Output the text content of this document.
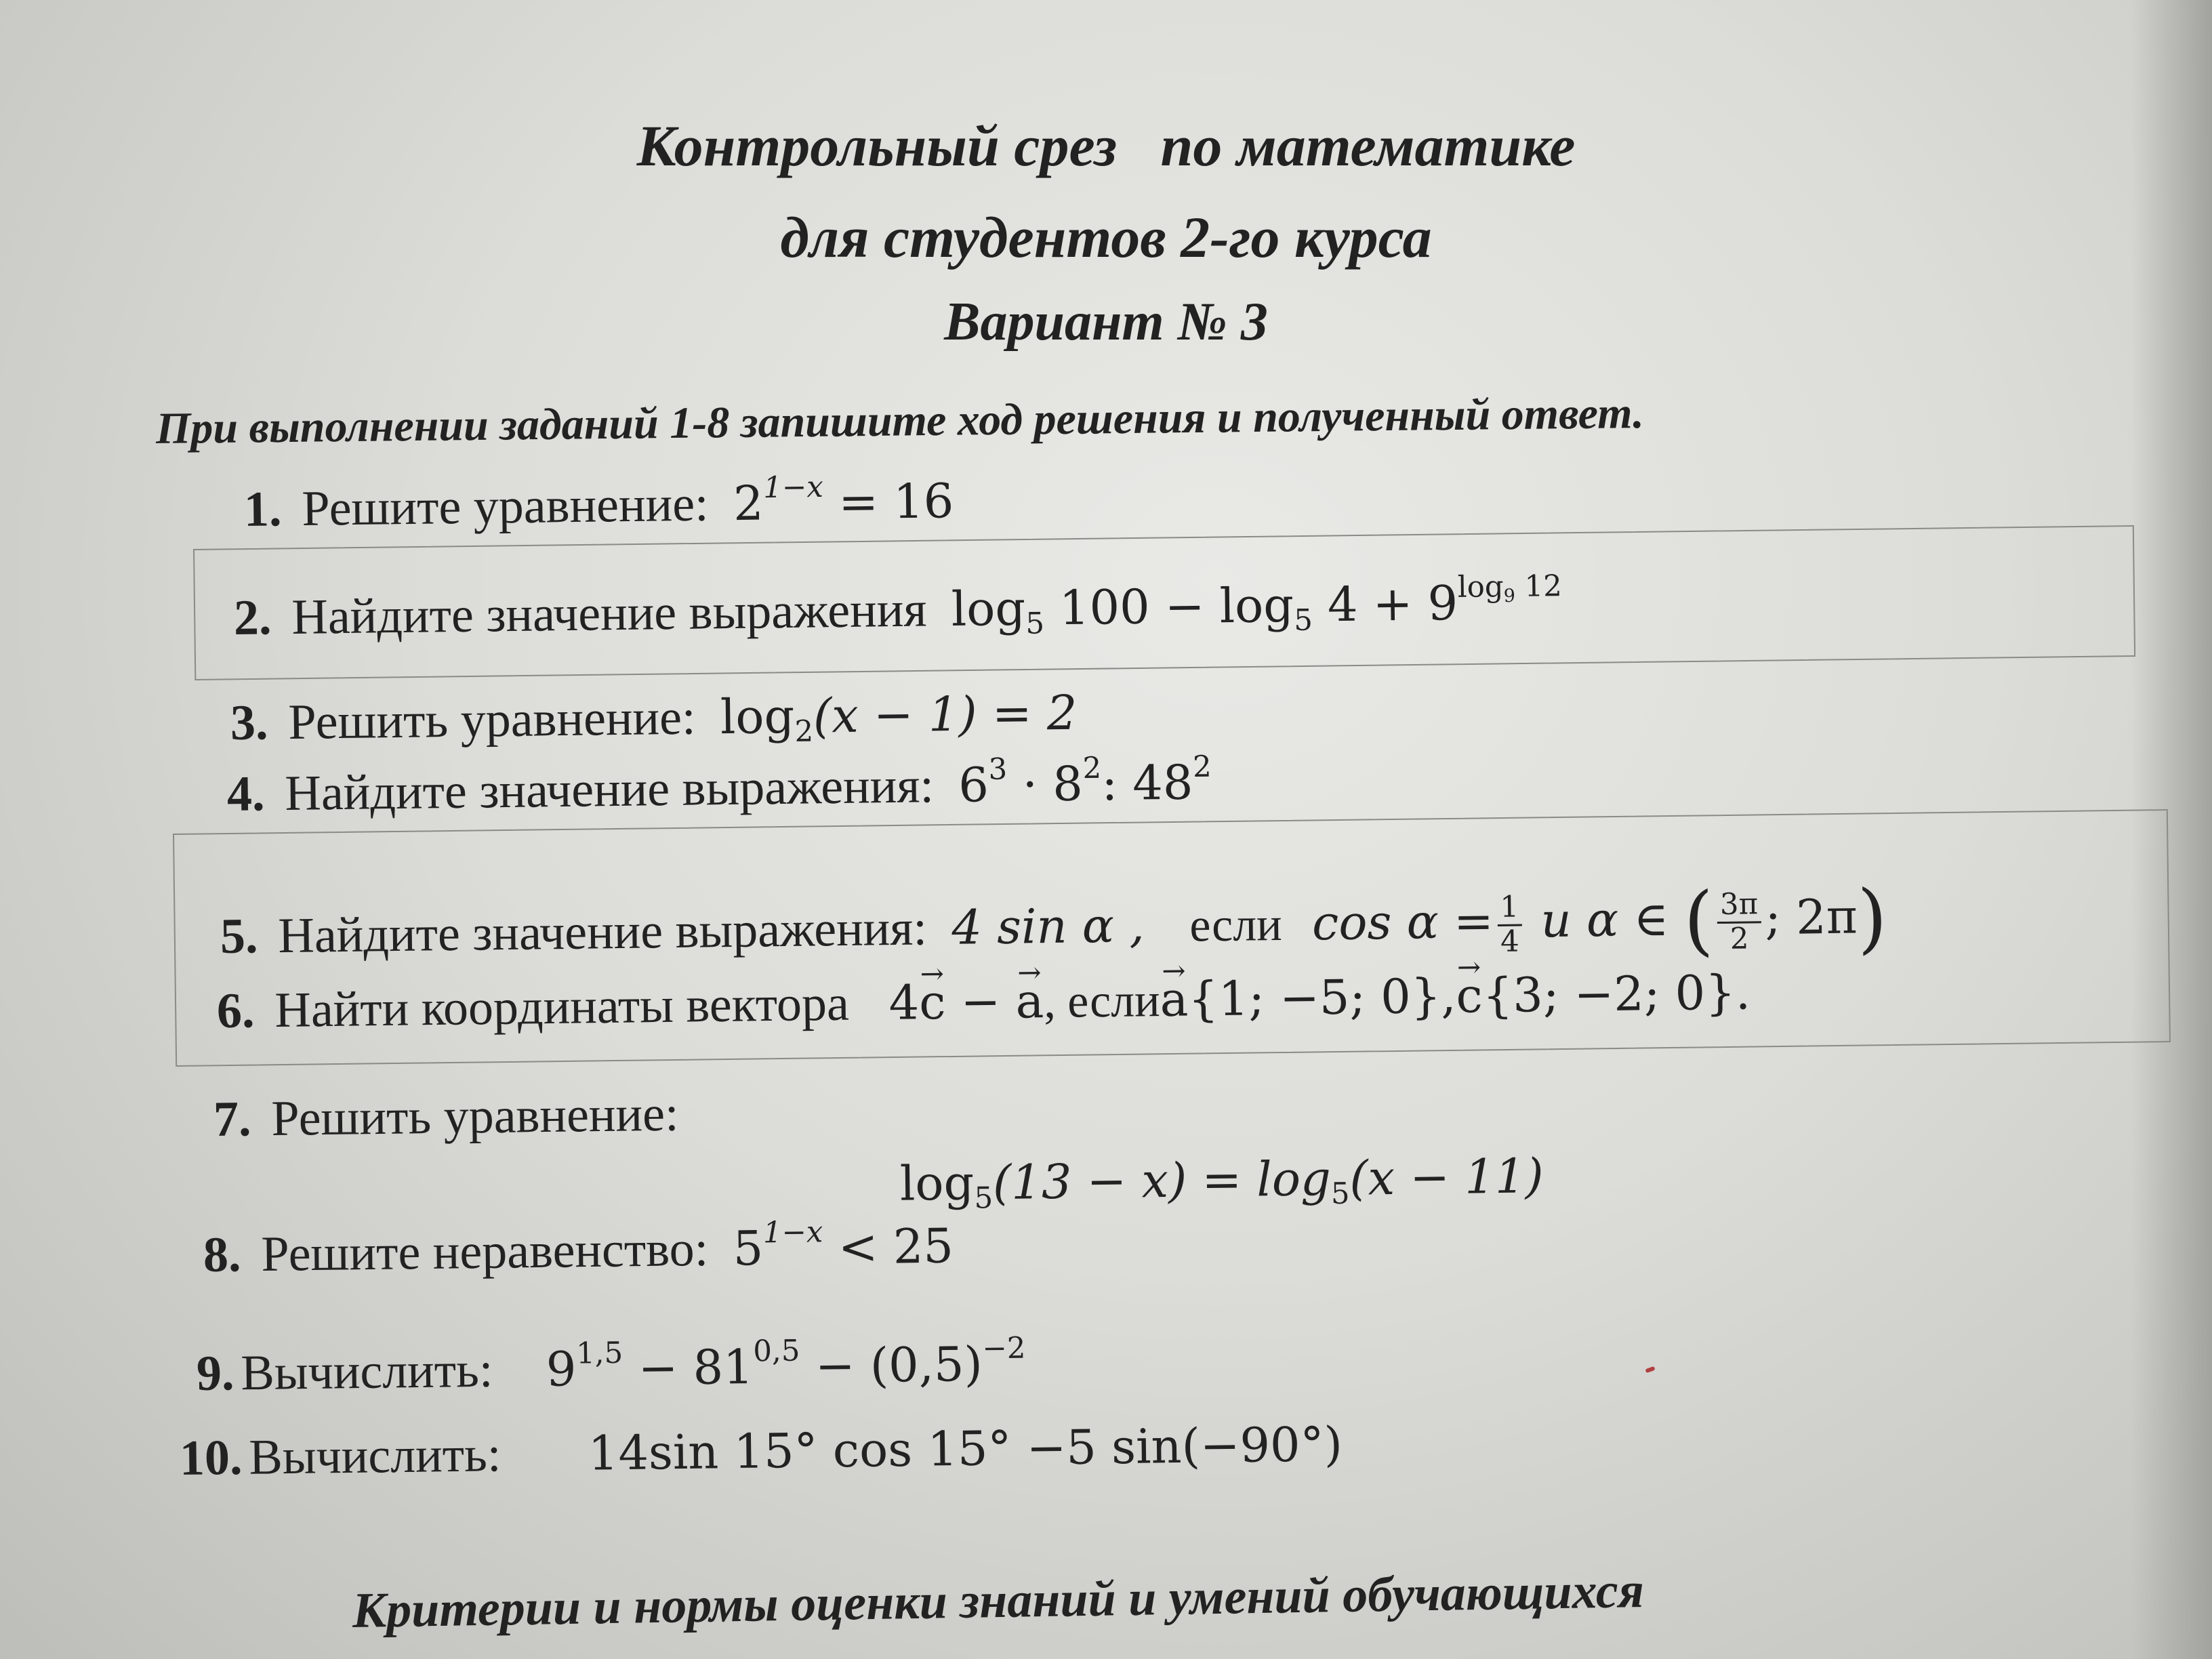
Контрольный срез   по математике
для студентов 2-го курса
Вариант № 3
При выполнении заданий 1-8 запишите ход решения и полученный ответ.
1. Решите уравнение: $2^{1-x} = 16$
2. Найдите значение выражения $\log_5 100 - \log_5 4 + 9^{log_9 12}$
3. Решить уравнение: $\log_2(x - 1) = 2$
4. Найдите значение выражения: $6^3 \cdot 8^2$: $48^2$
5. Найдите значение выражения: 4 sin α , если $\cos \alpha = \frac{1}{4}$ и α ∈ ( $\frac{3\pi}{2}$ ; 2π)
6. Найти координаты вектора 4→ c − → a, если→ a{1; −5; 0},→ c{3; −2; 0}.
7. Решить уравнение:
$\log_5(13 - x) = \log_5(x - 11)$
8. Решите неравенство: $5^{1-x} < 25$
9. Вычислить: $9^{1,5} - 81^{0,5} - (0,5)^{-2}$
10. Вычислить: 14sin 15° cos 15° −5 sin(−90°)
Критерии и нормы оценки знаний и умений обучающихся
